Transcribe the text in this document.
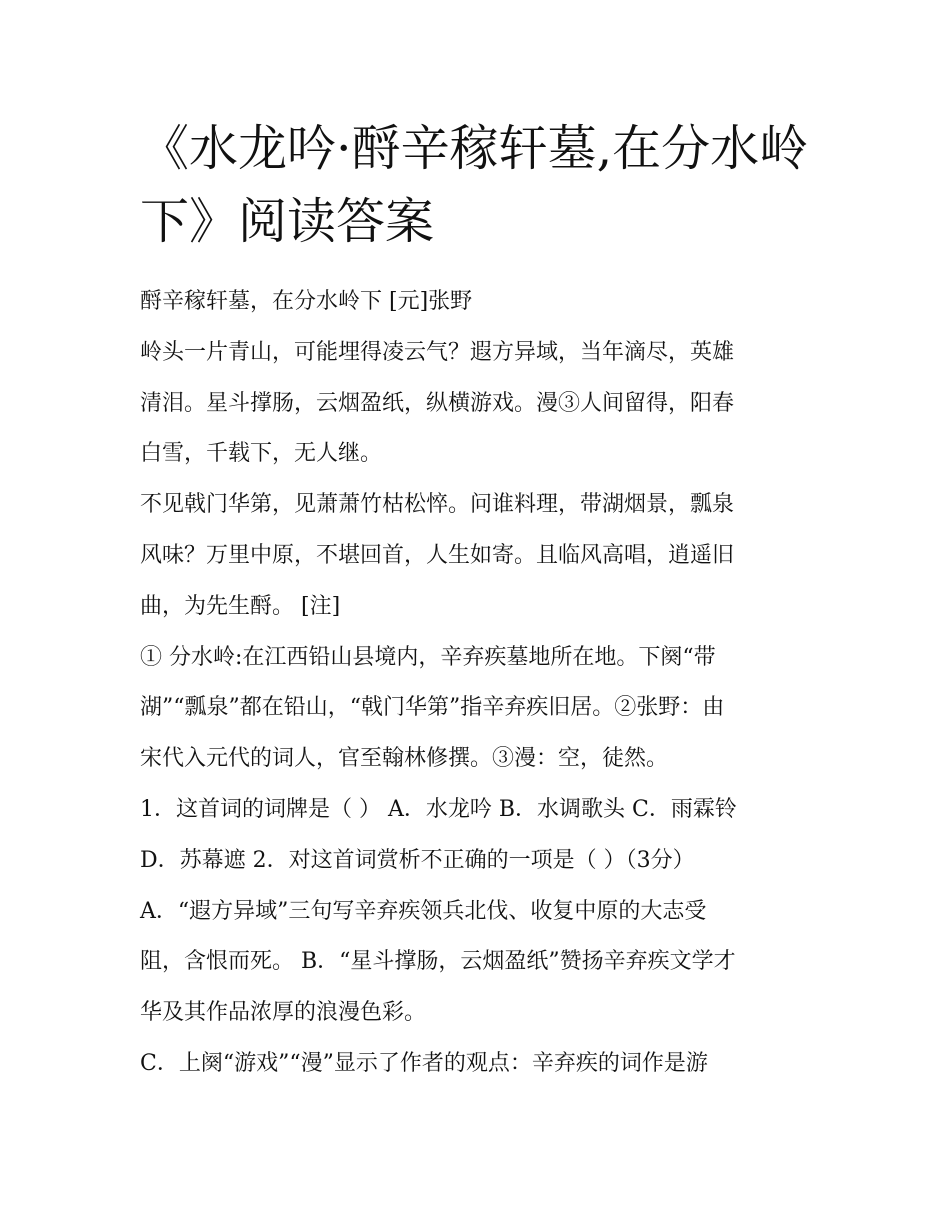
《水龙吟·酹辛稼轩墓,在分水岭
下》阅读答案

酹辛稼轩墓，在分水岭下 [元]张野

岭头一片青山，可能埋得凌云气？遐方异域，当年滴尽，英雄

清泪。星斗撑肠，云烟盈纸，纵横游戏。漫③人间留得，阳春

白雪，千载下，无人继。

不见戟门华第，见萧萧竹枯松悴。问谁料理，带湖烟景，瓢泉

风味？万里中原，不堪回首，人生如寄。且临风高唱，逍遥旧

曲，为先生酹。 [注]

① 分水岭:在江西铅山县境内，辛弃疾墓地所在地。下阕“带

湖”“瓢泉”都在铅山，“戟门华第”指辛弃疾旧居。②张野：由

宋代入元代的词人，官至翰林修撰。③漫：空，徒然。

1．这首词的词牌是（ ） A．水龙吟 B．水调歌头 C．雨霖铃

D．苏幕遮 2．对这首词赏析不正确的一项是（ ）（3分）

A．“遐方异域”三句写辛弃疾领兵北伐、收复中原的大志受

阻，含恨而死。 B．“星斗撑肠，云烟盈纸”赞扬辛弃疾文学才

华及其作品浓厚的浪漫色彩。

C．上阕“游戏”“漫”显示了作者的观点：辛弃疾的词作是游
